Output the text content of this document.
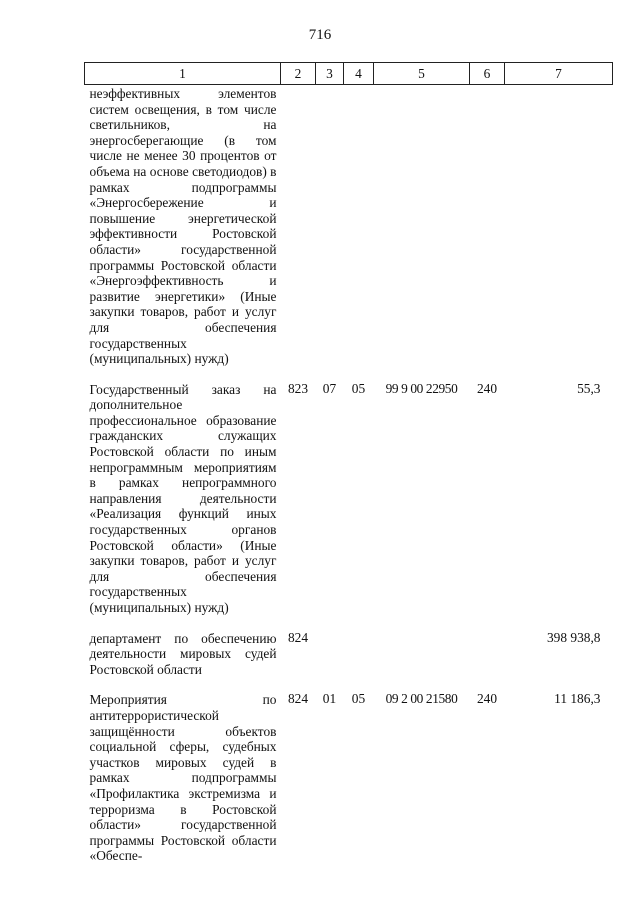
716
1	2	3	4	5	6	7
неэффективных элементов систем освещения, в том числе светильников, на энергосберегающие (в том числе не менее 30 процентов от объема на основе светодиодов) в рамках подпрограммы «Энергосбережение и повышение энергетической эффективности Ростовской области» государственной программы Ростовской области «Энергоэффективность и развитие энергетики» (Иные закупки товаров, работ и услуг для обеспечения государственных (муниципальных) нужд)						

Государственный заказ на дополнительное профессиональное образование гражданских служащих Ростовской области по иным непрограммным мероприятиям в рамках непрограммного направления деятельности «Реализация функций иных государственных органов Ростовской области» (Иные закупки товаров, работ и услуг для обеспечения государственных (муниципальных) нужд)	823	07	05	99 9 00 22950	240	55,3

департамент по обеспечению деятельности мировых судей Ростовской области	824					398 938,8

Мероприятия по антитеррористической защищённости объектов социальной сферы, судебных участков мировых судей в рамках подпрограммы «Профилактика экстремизма и терроризма в Ростовской области» государственной программы Ростовской области «Обеспе-	824	01	05	09 2 00 21580	240	11 186,3
